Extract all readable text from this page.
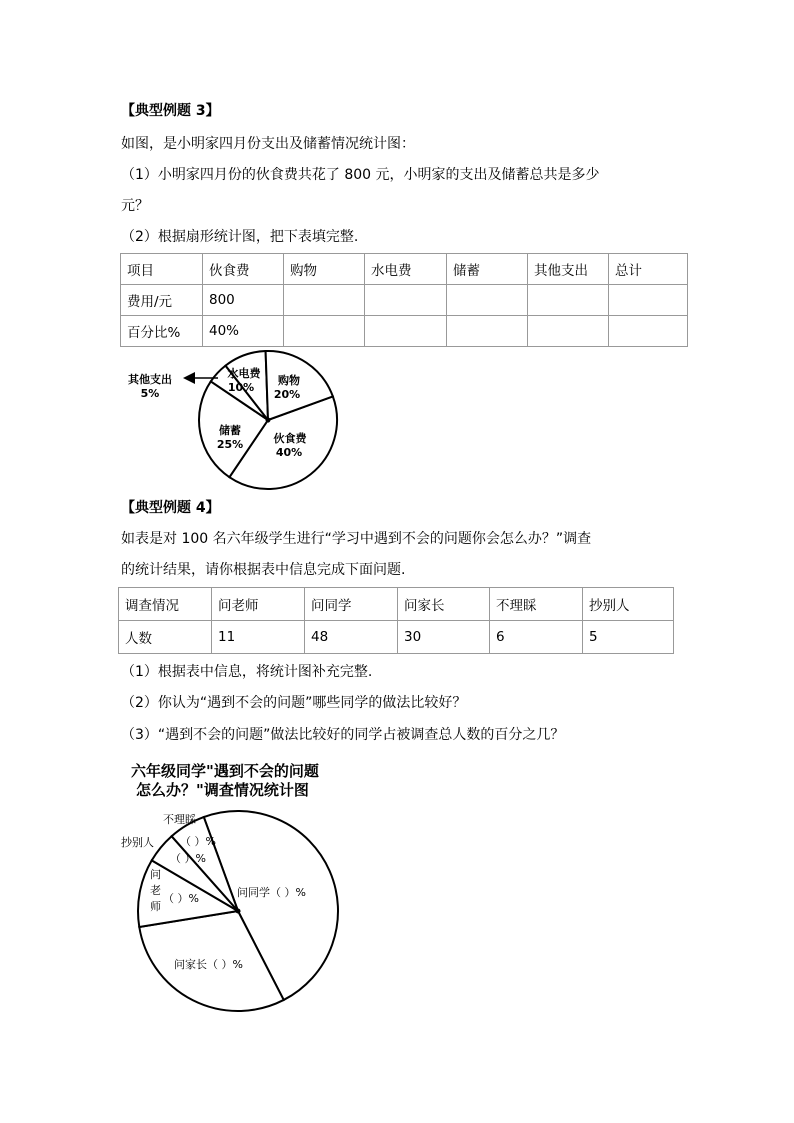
【典型例题 3】
如图，是小明家四月份支出及储蓄情况统计图：
（1）小明家四月份的伙食费共花了 800 元，小明家的支出及储蓄总共是多少
元？
（2）根据扇形统计图，把下表填完整.
项目	伙食费	购物	水电费	储蓄	其他支出	总计
费用/元	800					
百分比%	40%					
水电费
10%
购物
20%
储蓄
25%	伙食费
40%
其他支出
5%
【典型例题 4】
如表是对 100 名六年级学生进行“学习中遇到不会的问题你会怎么办？”调查
的统计结果，请你根据表中信息完成下面问题.
调查情况	问老师	问同学	问家长	不理睬	抄别人
人数	11	48	30	6	5
（1）根据表中信息，将统计图补充完整.
（2）你认为“遇到不会的问题”哪些同学的做法比较好？
（3）“遇到不会的问题”做法比较好的同学占被调查总人数的百分之几？
六年级同学"遇到不会的问题
怎么办？"调查情况统计图
不理睬
（ ）%
抄别人
（ ）%
问
老
师
（ ）%	问同学（ ）%
问家长（ ）%
